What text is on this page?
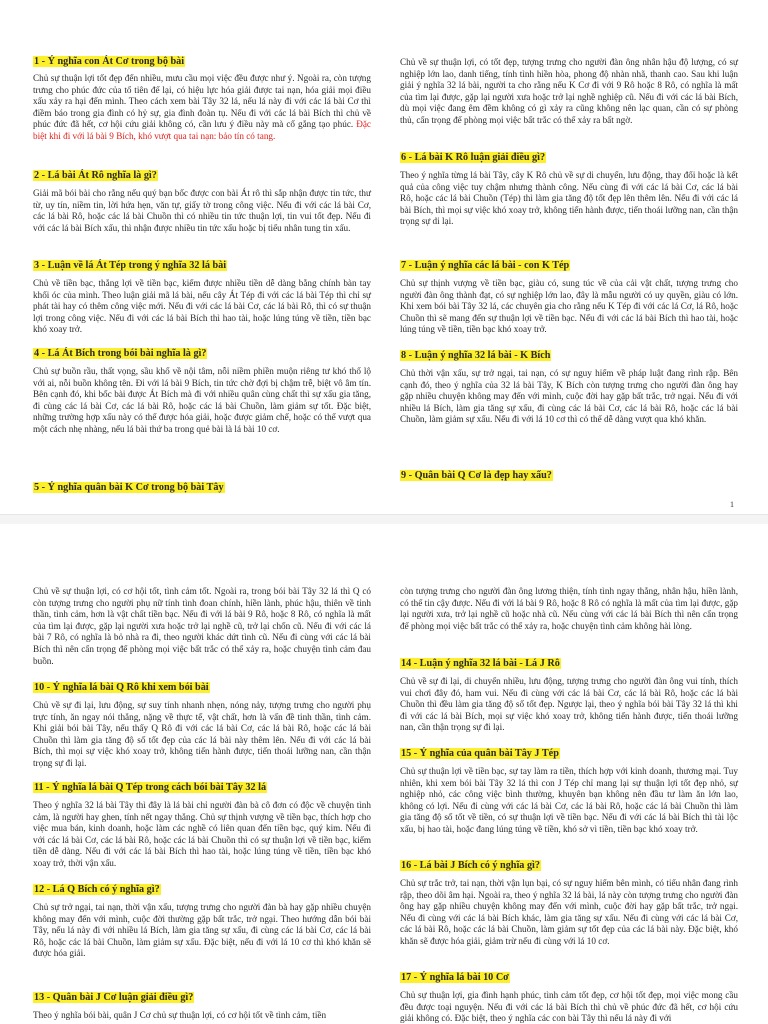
1 - Ý nghĩa con Át Cơ trong bộ bài

Chủ sự thuận lợi tốt đẹp đến nhiều, mưu cầu mọi việc đều được như ý. Ngoài ra, còn tượng trưng cho phúc đức của tổ tiên để lại, có hiệu lực hóa giải được tai nạn, hóa giải mọi điều xấu xảy ra hại đến mình. Theo cách xem bài Tây 32 lá, nếu lá này đi với các lá bài Cơ thì điềm báo trong gia đình có hỷ sự, gia đình đoàn tụ. Nếu đi với các lá bài Bích thì chủ về phúc đức đã hết, cơ hội cứu giải không có, cần lưu ý điều này mà cố gắng tạo phúc. Đặc biệt khi đi với lá bài 9 Bích, khó vượt qua tai nạn: bảo tín có tang.

2 - Lá bài Át Rô nghĩa là gì?

Giải mã bói bài cho rằng nếu quý bạn bốc được con bài Át rô thì sắp nhận được tin tức, thư từ, uy tín, niềm tin, lời hứa hẹn, văn tự, giấy tờ trong công việc. Nếu đi với các lá bài Cơ, các lá bài Rô, hoặc các lá bài Chuồn thì có nhiều tin tức thuận lợi, tin vui tốt đẹp. Nếu đi với các lá bài Bích xấu, thì nhận được nhiều tin tức xấu hoặc bị tiểu nhân tung tin xấu.

3 - Luận về lá Át Tép trong ý nghĩa 32 lá bài

Chủ về tiền bạc, thắng lợi về tiền bạc, kiếm được nhiều tiền dễ dàng bằng chính bàn tay khối óc của mình. Theo luận giải mã lá bài, nếu cây Át Tép đi với các lá bài Tép thì chỉ sự phát tài hay có thêm công việc mới. Nếu đi với các lá bài Cơ, các lá bài Rô, thì có sự thuận lợi trong công việc. Nếu đi với các lá bài Bích thì hao tài, hoặc lúng túng về tiền, tiền bạc khó xoay trở.

4 - Lá Át Bích trong bói bài nghĩa là gì?

Chủ sự buồn rầu, thất vọng, sầu khổ về nội tâm, nỗi niềm phiền muộn riêng tư khó thổ lộ với ai, nỗi buồn không tên. Đi với lá bài 9 Bích, tin tức chờ đợi bị chậm trễ, biệt vô âm tín. Bên cạnh đó, khi bốc bài được Át Bích mà đi với nhiều quân cùng chất thì sự xấu gia tăng, đi cùng các lá bài Cơ, các lá bài Rô, hoặc các lá bài Chuồn, làm giảm sự tốt. Đặc biệt, những trường hợp xấu này có thể được hóa giải, hoặc được giảm chế, hoặc có thể vượt qua một cách nhẹ nhàng, nếu lá bài thứ ba trong quẻ bài là lá bài 10 cơ.

5 - Ý nghĩa quân bài K Cơ trong bộ bài Tây

Chủ về sự thuận lợi, có tốt đẹp, tượng trưng cho người đàn ông nhân hậu độ lượng, có sự nghiệp lớn lao, danh tiếng, tính tình hiền hòa, phong độ nhàn nhã, thanh cao. Sau khi luận giải ý nghĩa 32 lá bài, người ta cho rằng nếu K Cơ đi với 9 Rô hoặc 8 Rô, có nghĩa là mất của tìm lại được, gặp lại người xưa hoặc trở lại nghề nghiệp cũ. Nếu đi với các lá bài Bích, dù mọi việc đang êm đềm không có gì xảy ra cũng không nên lạc quan, cần có sự phòng thủ, cẩn trọng để phòng mọi việc bất trắc có thể xảy ra bất ngờ.

6 - Lá bài K Rô luận giải điều gì?

Theo ý nghĩa từng lá bài Tây, cây K Rô chủ về sự di chuyển, lưu động, thay đổi hoặc là kết quả của công việc tuy chậm nhưng thành công. Nếu cùng đi với các lá bài Cơ, các lá bài Rô, hoặc các lá bài Chuồn (Tép) thì làm gia tăng độ tốt đẹp lên thêm lên. Nếu đi với các lá bài Bích, thì mọi sự việc khó xoay trở, không tiến hành được, tiến thoái lưỡng nan, cần thận trọng sự di lại.

7 - Luận ý nghĩa các lá bài - con K Tép

Chủ sự thịnh vượng về tiền bạc, giàu có, sung túc về của cải vật chất, tượng trưng cho người đàn ông thành đạt, có sự nghiệp lớn lao, đây là mẫu người có uy quyền, giàu có lớn. Khi xem bói bài Tây 32 lá, các chuyên gia cho rằng nếu K Tép đi với các lá Cơ, lá Rô, hoặc Chuồn thì sẽ mang đến sự thuận lợi về tiền bạc. Nếu đi với các lá bài Bích thì hao tài, hoặc lúng túng về tiền, tiền bạc khó xoay trở.

8 - Luận ý nghĩa 32 lá bài - K Bích

Chủ thời vận xấu, sự trở ngại, tai nạn, có sự nguy hiểm về pháp luật đang rình rập. Bên cạnh đó, theo ý nghĩa của 32 lá bài Tây, K Bích còn tượng trưng cho người đàn ông hay gặp nhiều chuyện không may đến với mình, cuộc đời hay gặp bất trắc, trở ngại. Nếu đi với nhiều lá Bích, làm gia tăng sự xấu, đi cùng các lá bài Cơ, các lá bài Rô, hoặc các lá bài Chuồn, làm giảm sự xấu. Nếu đi với lá 10 cơ thì có thể dễ dàng vượt qua khó khăn.

9 - Quân bài Q Cơ là đẹp hay xấu?

1

Chủ về sự thuận lợi, có cơ hội tốt, tình cảm tốt. Ngoài ra, trong bói bài Tây 32 lá thì Q có còn tượng trưng cho người phụ nữ tính tình đoan chính, hiền lành, phúc hậu, thiên về tinh thần, tình cảm, hơn là vật chất tiền bạc. Nếu đi với lá bài 9 Rô, hoặc 8 Rô, có nghĩa là mất của tìm lại được, gặp lại người xưa hoặc trở lại nghề cũ, trở lại chốn cũ. Nếu đi với các lá bài 7 Rô, có nghĩa là bỏ nhà ra đi, theo người khác dứt tình cũ. Nếu đi cùng với các lá bài Bích thì nên cẩn trọng để phòng mọi việc bất trắc có thể xảy ra, hoặc chuyện tình cảm đau buồn.

10 - Ý nghĩa lá bài Q Rô khi xem bói bài

Chủ về sự đi lại, lưu động, sự suy tính nhanh nhẹn, nóng nảy, tượng trưng cho người phụ trực tính, ăn ngay nói thẳng, nặng về thực tế, vật chất, hơn là vấn đề tinh thần, tình cảm. Khi giải bói bài Tây, nếu thấy Q Rô đi với các lá bài Cơ, các lá bài Rô, hoặc các lá bài Chuồn thì làm gia tăng độ số tốt đẹp của các lá bài này thêm lên. Nếu đi với các lá bài Bích, thì mọi sự việc khó xoay trở, không tiến hành được, tiến thoái lưỡng nan, cần thận trọng sự đi lại.

11 - Ý nghĩa lá bài Q Tép trong cách bói bài Tây 32 lá

Theo ý nghĩa 32 lá bài Tây thì đây là lá bài chỉ người đàn bà cô đơn có độc về chuyện tình cảm, là người hay ghen, tính nết ngay thẳng. Chủ sự thịnh vượng về tiền bạc, thích hợp cho việc mua bán, kinh doanh, hoặc làm các nghề có liên quan đến tiền bạc, quý kim. Nếu đi với các lá bài Cơ, các lá bài Rô, hoặc các lá bài Chuồn thì có sự thuận lợi về tiền bạc, kiếm tiền dễ dàng. Nếu đi với các lá bài Bích thì hao tài, hoặc lúng túng về tiền, tiền bạc khó xoay trở, thời vận xấu.

12 - Lá Q Bích có ý nghĩa gì?

Chủ sự trở ngại, tai nạn, thời vận xấu, tượng trưng cho người đàn bà hay gặp nhiều chuyện không may đến với mình, cuộc đời thường gặp bất trắc, trở ngại. Theo hướng dẫn bói bài Tây, nếu lá này đi với nhiều lá Bích, làm gia tăng sự xấu, đi cùng các lá bài Cơ, các lá bài Rô, hoặc các lá bài Chuồn, làm giảm sự xấu. Đặc biệt, nếu đi với lá 10 cơ thì khó khăn sẽ được hóa giải.

13 - Quân bài J Cơ luận giải điều gì?

Theo ý nghĩa bói bài, quân J Cơ chủ sự thuận lợi, có cơ hội tốt về tình cảm, tiền

còn tượng trưng cho người đàn ông lương thiện, tính tình ngay thẳng, nhân hậu, hiền lành, có thể tin cậy được. Nếu đi với lá bài 9 Rô, hoặc 8 Rô có nghĩa là mất của tìm lại được, gặp lại người xưa, trở lại nghề cũ hoặc nhà cũ. Nếu cùng với các lá bài Bích thì nên cẩn trọng để phòng mọi việc bất trắc có thể xảy ra, hoặc chuyện tình cảm không hài lòng.

14 - Luận ý nghĩa 32 lá bài - Lá J Rô

Chủ về sự đi lại, di chuyển nhiều, lưu động, tượng trưng cho người đàn ông vui tính, thích vui chơi đây đó, ham vui. Nếu đi cùng với các lá bài Cơ, các lá bài Rô, hoặc các lá bài Chuồn thì đều làm gia tăng độ số tốt đẹp. Ngược lại, theo ý nghĩa bói bài Tây 32 lá thì khi đi với các lá bài Bích, mọi sự việc khó xoay trở, không tiến hành được, tiến thoái lưỡng nan, cần thận trọng sự đi lại.

15 - Ý nghĩa của quân bài Tây J Tép

Chủ sự thuận lợi về tiền bạc, sự tay làm ra tiền, thích hợp với kinh doanh, thương mại. Tuy nhiên, khi xem bói bài Tây 32 lá thì con J Tép chỉ mang lại sự thuận lợi tốt đẹp nhỏ, sự nghiệp nhỏ, các công việc bình thường, khuyên bạn không nên đầu tư làm ăn lớn lao, không có lợi. Nếu đi cùng với các lá bài Cơ, các lá bài Rô, hoặc các lá bài Chuồn thì làm gia tăng độ số tốt về tiền, có sự thuận lợi về tiền bạc. Nếu đi với các lá bài Bích thì tài lộc xấu, bị hao tài, hoặc đang lúng túng về tiền, khó sở vì tiền, tiền bạc khó xoay trở.

16 - Lá bài J Bích có ý nghĩa gì?

Chủ sự trắc trở, tai nạn, thời vận lụn bại, có sự nguy hiểm bên mình, có tiểu nhân đang rình rập, theo dõi âm hại. Ngoài ra, theo ý nghĩa 32 lá bài, lá này còn tượng trưng cho người đàn ông hay gặp nhiều chuyện không may đến với mình, cuộc đời hay gặp bất trắc, trở ngại. Nếu đi cùng với các lá bài Bích khác, làm gia tăng sự xấu. Nếu đi cùng với các lá bài Cơ, các lá bài Rô, hoặc các lá bài Chuồn, làm giảm sự tốt đẹp của các lá bài này. Đặc biệt, khó khăn sẽ được hóa giải, giảm trừ nếu đi cùng với lá 10 cơ.

17 - Ý nghĩa lá bài 10 Cơ

Chủ sự thuận lợi, gia đình hạnh phúc, tình cảm tốt đẹp, cơ hội tốt đẹp, mọi việc mong cầu đều được toại nguyện. Nếu đi với các lá bài Bích thì chủ về phúc đức đã hết, cơ hội cứu giải không có. Đặc biệt, theo ý nghĩa các con bài Tây thì nếu lá này đi với
